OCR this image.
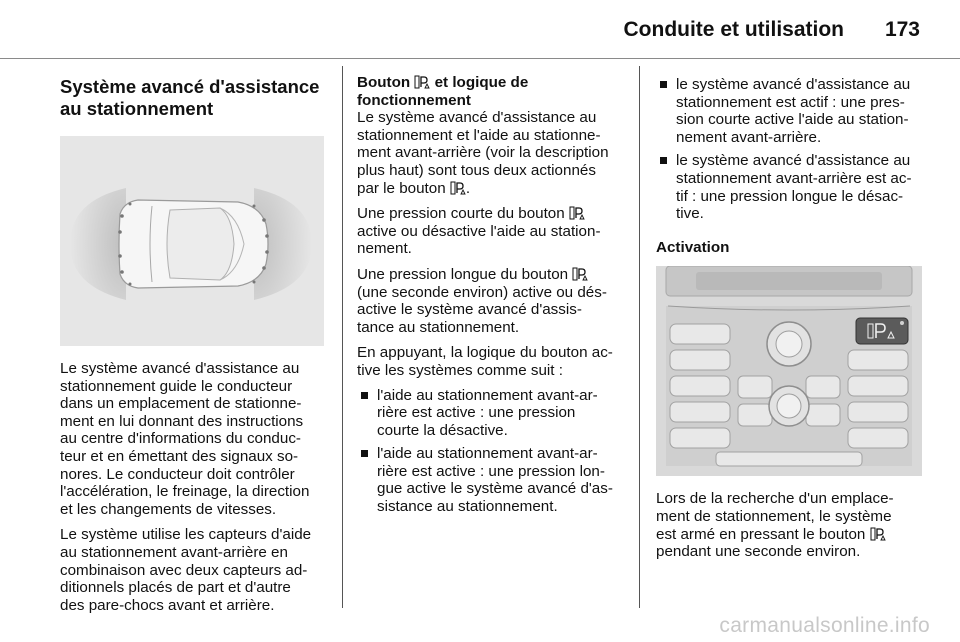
Conduite et utilisation 173
Système avancé d'assistance
au stationnement

Le système avancé d'assistance au
stationnement guide le conducteur
dans un emplacement de stationne-
ment en lui donnant des instructions
au centre d'informations du conduc-
teur et en émettant des signaux so-
nores. Le conducteur doit contrôler
l'accélération, le freinage, la direction
et les changements de vitesses.

Le système utilise les capteurs d'aide
au stationnement avant-arrière en
combinaison avec deux capteurs ad-
ditionnels placés de part et d'autre
des pare-chocs avant et arrière.

Bouton et logique de
fonctionnement

Le système avancé d'assistance au
stationnement et l'aide au stationne-
ment avant-arrière (voir la description
plus haut) sont tous deux actionnés
par le bouton .

Une pression courte du bouton
active ou désactive l'aide au station-
nement.

Une pression longue du bouton
(une seconde environ) active ou dés-
active le système avancé d'assis-
tance au stationnement.

En appuyant, la logique du bouton ac-
tive les systèmes comme suit :

l'aide au stationnement avant-ar-
rière est active : une pression
courte la désactive.
l'aide au stationnement avant-ar-
rière est active : une pression lon-
gue active le système avancé d'as-
sistance au stationnement.
le système avancé d'assistance au
stationnement est actif : une pres-
sion courte active l'aide au station-
nement avant-arrière.
le système avancé d'assistance au
stationnement avant-arrière est ac-
tif : une pression longue le désac-
tive.
Activation

Lors de la recherche d'un emplace-
ment de stationnement, le système
est armé en pressant le bouton
pendant une seconde environ.

carmanualsonline.info
